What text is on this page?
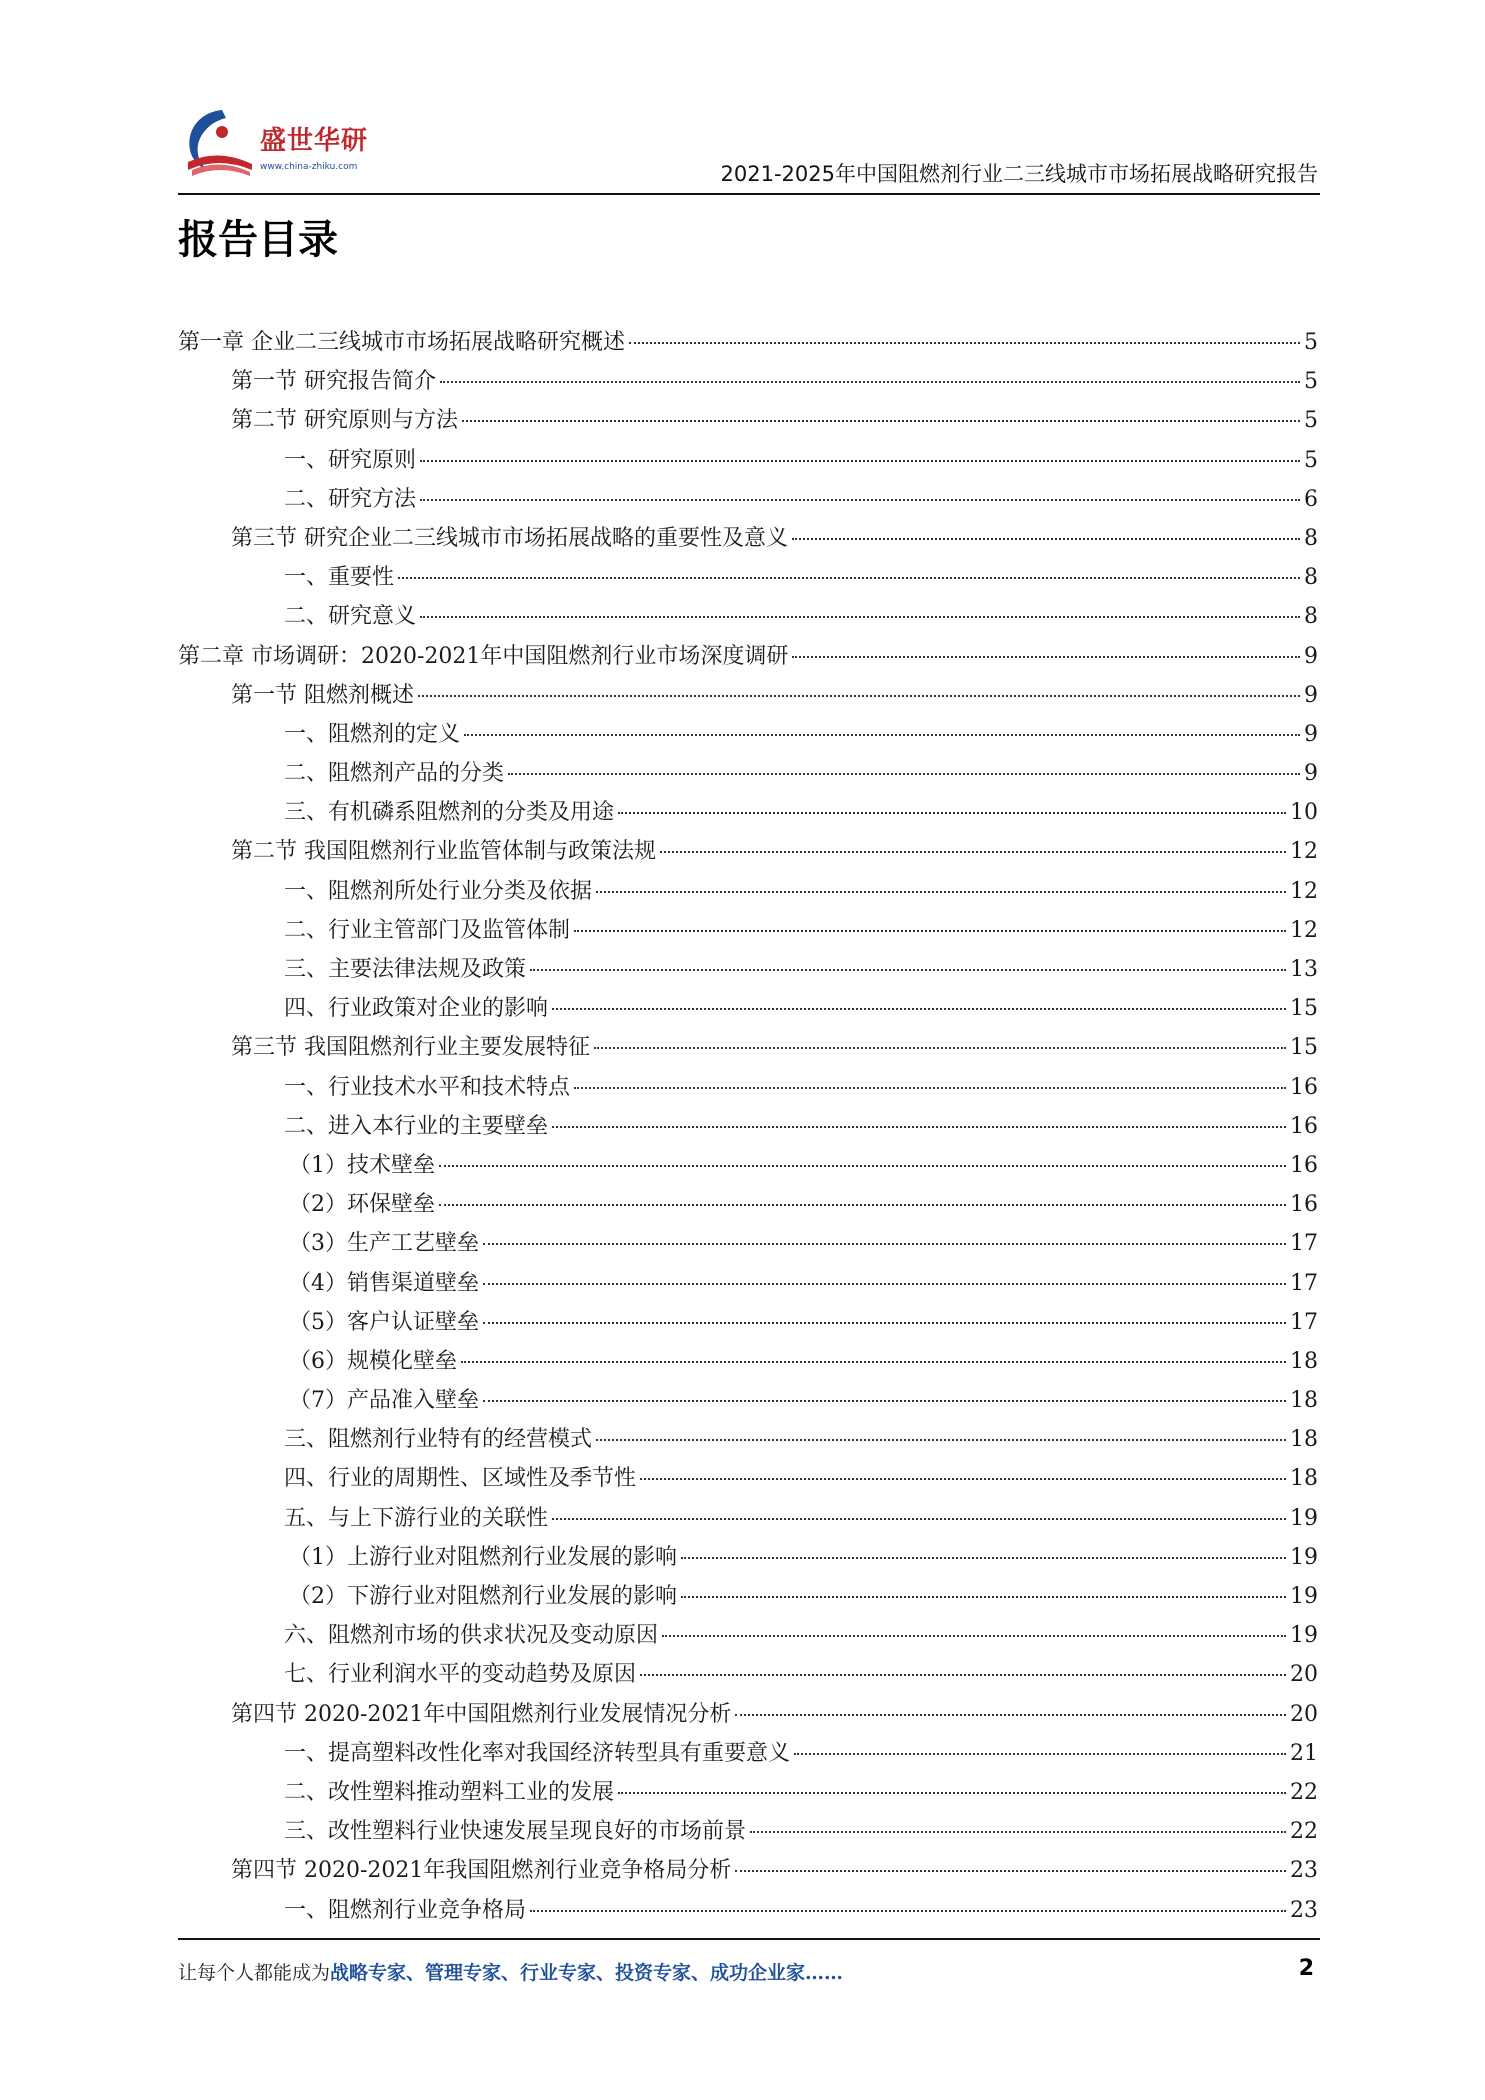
盛世华研
www.china-zhiku.com	2021-2025年中国阻燃剂行业二三线城市市场拓展战略研究报告
报告目录
第一章 企业二三线城市市场拓展战略研究概述	5
第一节 研究报告简介	5
第二节 研究原则与方法	5
一、研究原则	5
二、研究方法	6
第三节 研究企业二三线城市市场拓展战略的重要性及意义	8
一、重要性	8
二、研究意义	8
第二章 市场调研：2020-2021年中国阻燃剂行业市场深度调研	9
第一节 阻燃剂概述	9
一、阻燃剂的定义	9
二、阻燃剂产品的分类	9
三、有机磷系阻燃剂的分类及用途	10
第二节 我国阻燃剂行业监管体制与政策法规	12
一、阻燃剂所处行业分类及依据	12
二、行业主管部门及监管体制	12
三、主要法律法规及政策	13
四、行业政策对企业的影响	15
第三节 我国阻燃剂行业主要发展特征	15
一、行业技术水平和技术特点	16
二、进入本行业的主要壁垒	16
（1）技术壁垒	16
（2）环保壁垒	16
（3）生产工艺壁垒	17
（4）销售渠道壁垒	17
（5）客户认证壁垒	17
（6）规模化壁垒	18
（7）产品准入壁垒	18
三、阻燃剂行业特有的经营模式	18
四、行业的周期性、区域性及季节性	18
五、与上下游行业的关联性	19
（1）上游行业对阻燃剂行业发展的影响	19
（2）下游行业对阻燃剂行业发展的影响	19
六、阻燃剂市场的供求状况及变动原因	19
七、行业利润水平的变动趋势及原因	20
第四节 2020-2021年中国阻燃剂行业发展情况分析	20
一、提高塑料改性化率对我国经济转型具有重要意义	21
二、改性塑料推动塑料工业的发展	22
三、改性塑料行业快速发展呈现良好的市场前景	22
第四节 2020-2021年我国阻燃剂行业竞争格局分析	23
一、阻燃剂行业竞争格局	23
让每个人都能成为战略专家、管理专家、行业专家、投资专家、成功企业家……	2
